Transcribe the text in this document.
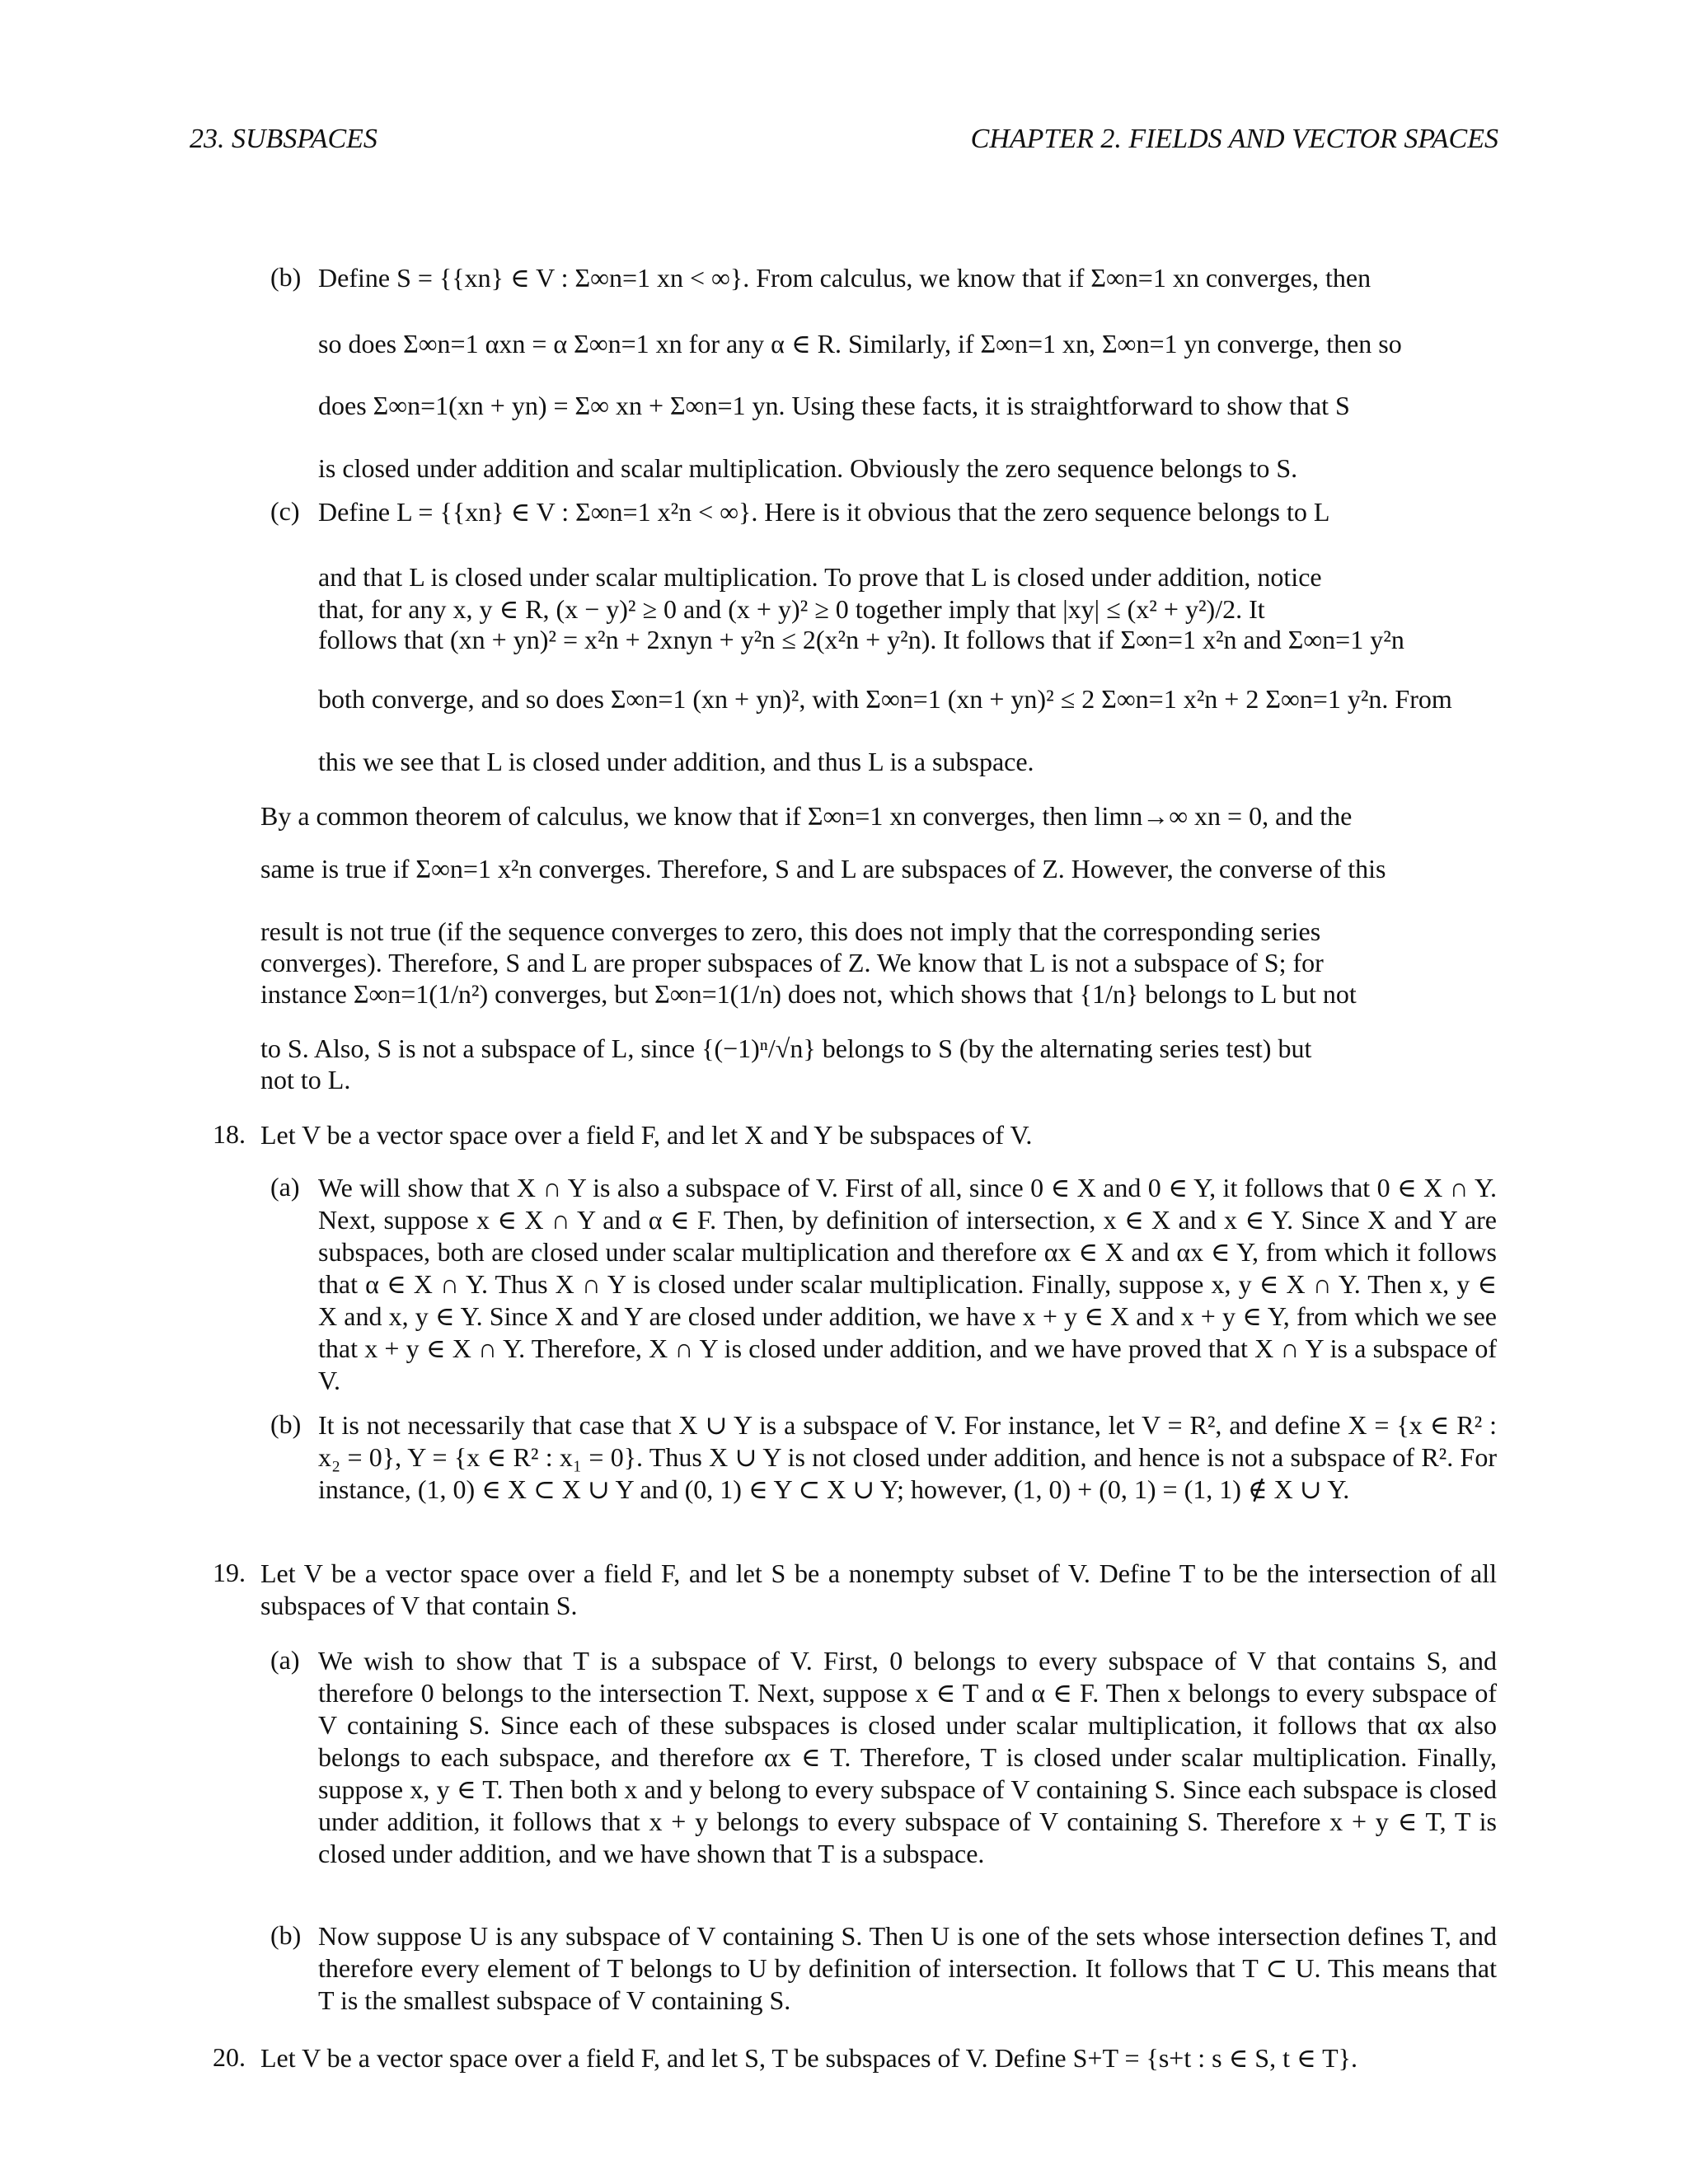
23. SUBSPACES	CHAPTER 2. FIELDS AND VECTOR SPACES
(b) Define S = {{xn} ∈ V : Σ∞n=1 xn < ∞}. From calculus, we know that if Σ∞n=1 xn converges, then
so does Σ∞n=1 αxn = α Σ∞n=1 xn for any α ∈ R. Similarly, if Σ∞n=1 xn, Σ∞n=1 yn converge, then so
does Σ∞n=1(xn + yn) = Σ∞ xn + Σ∞n=1 yn. Using these facts, it is straightforward to show that S
is closed under addition and scalar multiplication. Obviously the zero sequence belongs to S.
(c) Define L = {{xn} ∈ V : Σ∞n=1 x²n < ∞}. Here is it obvious that the zero sequence belongs to L
and that L is closed under scalar multiplication. To prove that L is closed under addition, notice
that, for any x, y ∈ R, (x − y)² ≥ 0 and (x + y)² ≥ 0 together imply that |xy| ≤ (x² + y²)/2. It
follows that (xn + yn)² = x²n + 2xnyn + y²n ≤ 2(x²n + y²n). It follows that if Σ∞n=1 x²n and Σ∞n=1 y²n
both converge, and so does Σ∞n=1 (xn + yn)², with Σ∞n=1 (xn + yn)² ≤ 2 Σ∞n=1 x²n + 2 Σ∞n=1 y²n. From
this we see that L is closed under addition, and thus L is a subspace.
By a common theorem of calculus, we know that if Σ∞n=1 xn converges, then limn→∞ xn = 0, and the
same is true if Σ∞n=1 x²n converges. Therefore, S and L are subspaces of Z. However, the converse of this
result is not true (if the sequence converges to zero, this does not imply that the corresponding series
converges). Therefore, S and L are proper subspaces of Z. We know that L is not a subspace of S; for
instance Σ∞n=1(1/n²) converges, but Σ∞n=1(1/n) does not, which shows that {1/n} belongs to L but not
to S. Also, S is not a subspace of L, since {(−1)ⁿ/√n} belongs to S (by the alternating series test) but
not to L.
18. Let V be a vector space over a field F, and let X and Y be subspaces of V.
(a) We will show that X ∩ Y is also a subspace of V. First of all, since 0 ∈ X and 0 ∈ Y, it follows that 0 ∈ X ∩ Y. Next, suppose x ∈ X ∩ Y and α ∈ F. Then, by definition of intersection, x ∈ X and x ∈ Y. Since X and Y are subspaces, both are closed under scalar multiplication and therefore αx ∈ X and αx ∈ Y, from which it follows that α ∈ X ∩ Y. Thus X ∩ Y is closed under scalar multiplication. Finally, suppose x, y ∈ X ∩ Y. Then x, y ∈ X and x, y ∈ Y. Since X and Y are closed under addition, we have x + y ∈ X and x + y ∈ Y, from which we see that x + y ∈ X ∩ Y. Therefore, X ∩ Y is closed under addition, and we have proved that X ∩ Y is a subspace of V.
(b) It is not necessarily that case that X ∪ Y is a subspace of V. For instance, let V = R², and define X = {x ∈ R² : x₂ = 0}, Y = {x ∈ R² : x₁ = 0}. Thus X ∪ Y is not closed under addition, and hence is not a subspace of R². For instance, (1, 0) ∈ X ⊂ X ∪ Y and (0, 1) ∈ Y ⊂ X ∪ Y; however, (1, 0) + (0, 1) = (1, 1) ∉ X ∪ Y.
19. Let V be a vector space over a field F, and let S be a nonempty subset of V. Define T to be the intersection of all subspaces of V that contain S.
(a) We wish to show that T is a subspace of V. First, 0 belongs to every subspace of V that contains S, and therefore 0 belongs to the intersection T. Next, suppose x ∈ T and α ∈ F. Then x belongs to every subspace of V containing S. Since each of these subspaces is closed under scalar multiplication, it follows that αx also belongs to each subspace, and therefore αx ∈ T. Therefore, T is closed under scalar multiplication. Finally, suppose x, y ∈ T. Then both x and y belong to every subspace of V containing S. Since each subspace is closed under addition, it follows that x + y belongs to every subspace of V containing S. Therefore x + y ∈ T, T is closed under addition, and we have shown that T is a subspace.
(b) Now suppose U is any subspace of V containing S. Then U is one of the sets whose intersection defines T, and therefore every element of T belongs to U by definition of intersection. It follows that T ⊂ U. This means that T is the smallest subspace of V containing S.
20. Let V be a vector space over a field F, and let S, T be subspaces of V. Define S+T = {s+t : s ∈ S, t ∈ T}.
